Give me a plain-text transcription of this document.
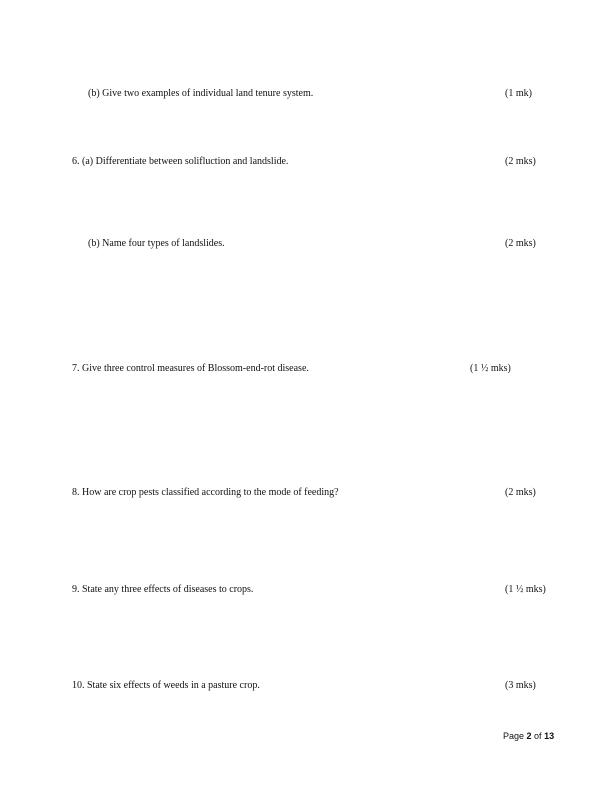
(b) Give two examples of individual land tenure system.	(1 mk)
6. (a) Differentiate between solifluction and landslide.	(2 mks)
(b) Name four types of landslides.	(2 mks)
7. Give three control measures of Blossom-end-rot disease.	(1 ½ mks)
8. How are crop pests classified according to the mode of feeding?	(2 mks)
9. State any three effects of diseases to crops.	(1 ½ mks)
10. State six effects of weeds in a pasture crop.	(3 mks)
Page 2 of 13
